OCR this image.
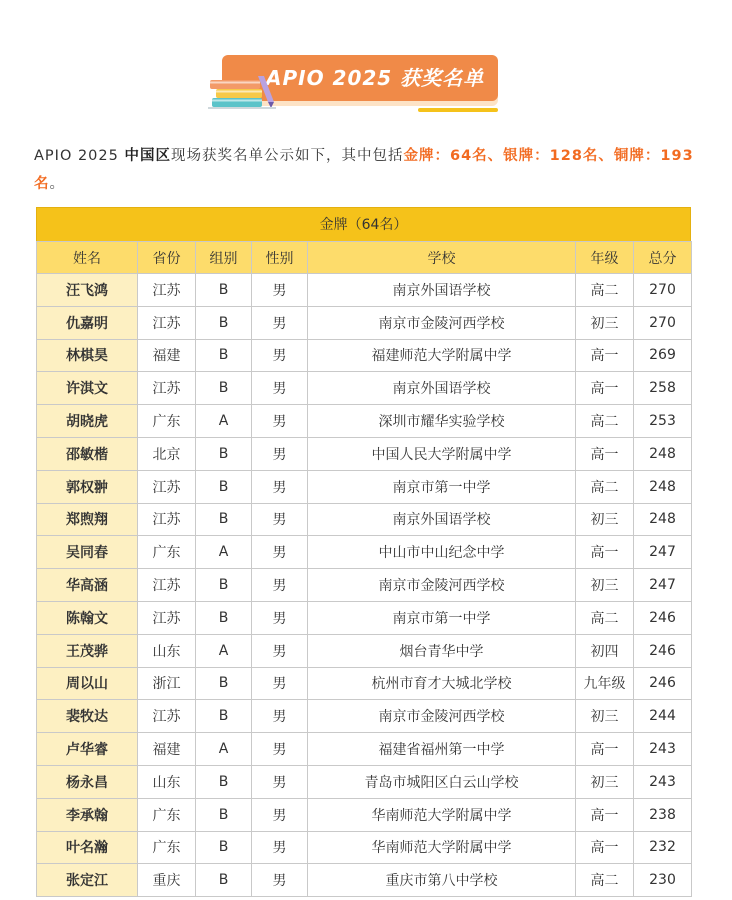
APIO 2025 获奖名单

APIO 2025 中国区现场获奖名单公示如下，其中包括金牌：64名、银牌：128名、铜牌：193名。

金牌（64名）
姓名	省份	组别	性别	学校	年级	总分
汪飞鸿	江苏	B	男	南京外国语学校	高二	270
仇嘉明	江苏	B	男	南京市金陵河西学校	初三	270
林棋昊	福建	B	男	福建师范大学附属中学	高一	269
许淇文	江苏	B	男	南京外国语学校	高一	258
胡晓虎	广东	A	男	深圳市耀华实验学校	高二	253
邵敏楷	北京	B	男	中国人民大学附属中学	高一	248
郭权翀	江苏	B	男	南京市第一中学	高二	248
郑煦翔	江苏	B	男	南京外国语学校	初三	248
吴同春	广东	A	男	中山市中山纪念中学	高一	247
华高涵	江苏	B	男	南京市金陵河西学校	初三	247
陈翰文	江苏	B	男	南京市第一中学	高二	246
王茂骅	山东	A	男	烟台青华中学	初四	246
周以山	浙江	B	男	杭州市育才大城北学校	九年级	246
裴牧达	江苏	B	男	南京市金陵河西学校	初三	244
卢华睿	福建	A	男	福建省福州第一中学	高一	243
杨永昌	山东	B	男	青岛市城阳区白云山学校	初三	243
李承翰	广东	B	男	华南师范大学附属中学	高一	238
叶名瀚	广东	B	男	华南师范大学附属中学	高一	232
张定江	重庆	B	男	重庆市第八中学校	高二	230
